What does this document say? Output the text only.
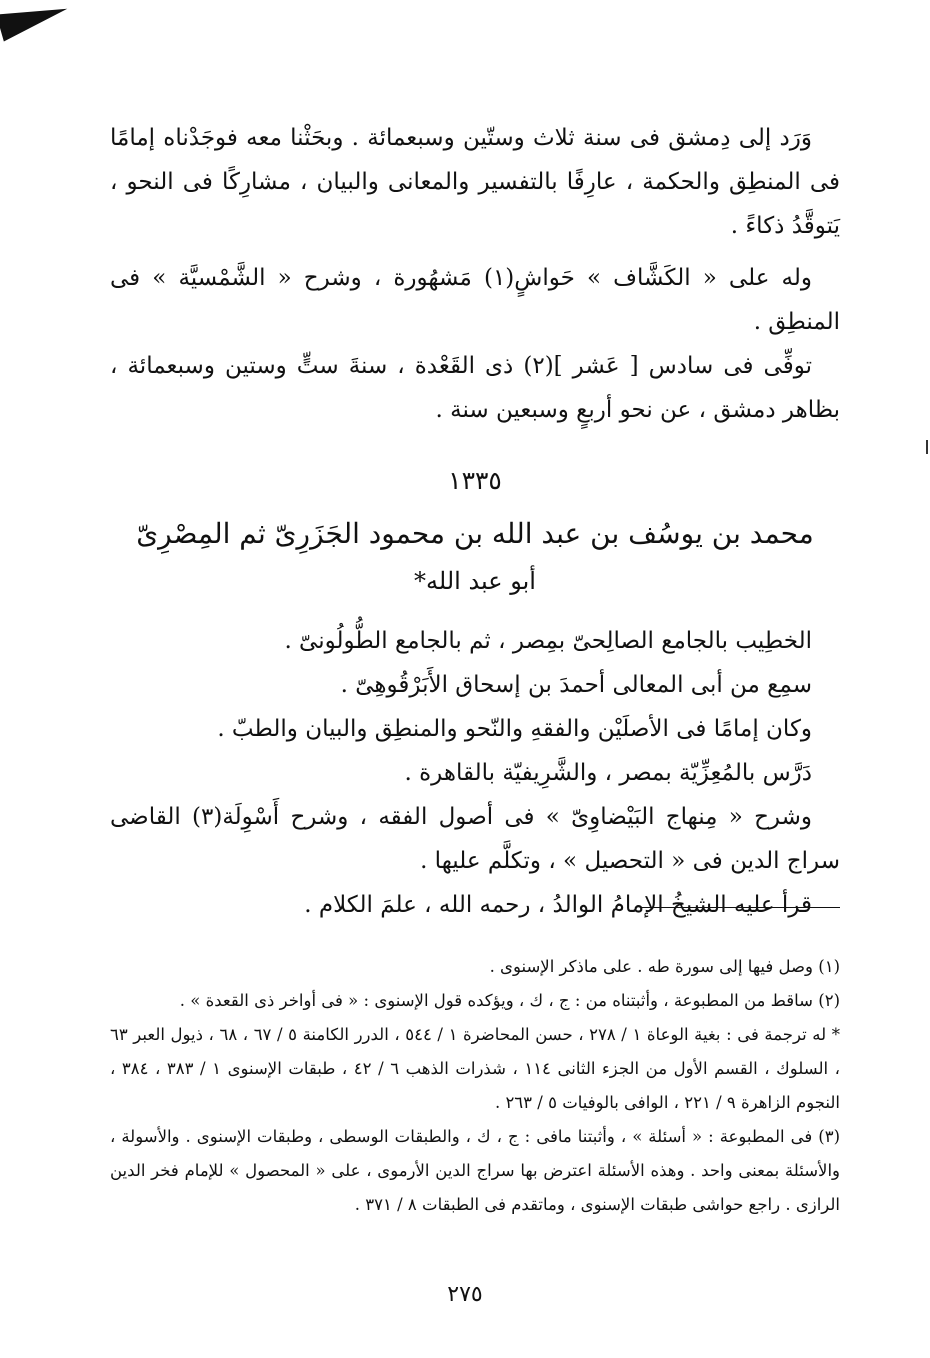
وَرَد إلى دِمشق فى سنة ثلاث وستّين وسبعمائة . وبحَثْنا معه فوجَدْناه إمامًا فى المنطِق والحكمة ، عارِفًا بالتفسير والمعانى والبيان ، مشارِكًا فى النحو ، يَتوقَّدُ ذكاءً .

وله على « الكَشَّاف » حَواشٍ(١) مَشهُورة ، وشرح « الشَّمْسيَّة » فى المنطِق .

توفِّى فى سادس [ عَشر ](٢) ذى القَعْدة ، سنةَ ستٍّ وستين وسبعمائة ، بظاهر دمشق ، عن نحو أربعٍ وسبعين سنة .

١٣٣٥

محمد بن يوسُف بن عبد الله بن محمود الجَزَرِىّ ثم المِصْرِىّ

أبو عبد الله*

الخطِيب بالجامع الصالِحىّ بمِصر ، ثم بالجامع الطُّولُونىّ .

سمِع من أبى المعالى أحمدَ بن إسحاق الأَبَرْقُوهِىّ .

وكان إمامًا فى الأصلَيْن والفقهِ والنّحو والمنطِق والبيان والطبّ .

دَرَّس بالمُعِزِّيّة بمصر ، والشَّرِيفيّة بالقاهرة .

وشرح « مِنهاج البَيْضاوِىّ » فى أصول الفقه ، وشرح أَسْوِلَة(٣) القاضى سراج الدين فى « التحصيل » ، وتكلَّم عليها .

قرأ عليه الشيخُ الإمامُ الوالدُ ، رحمه الله ، علمَ الكلام .

(١) وصل فيها إلى سورة طه . على ماذكر الإسنوى .

(٢) ساقط من المطبوعة ، وأثبتناه من : ج ، ك ، ويؤكده قول الإسنوى : « فى أواخر ذى القعدة » .

* له ترجمة فى : بغية الوعاة ١ / ٢٧٨ ، حسن المحاضرة ١ / ٥٤٤ ، الدرر الكامنة ٥ / ٦٧ ، ٦٨ ، ذيول العبر ٦٣ ، السلوك ، القسم الأول من الجزء الثانى ١١٤ ، شذرات الذهب ٦ / ٤٢ ، طبقات الإسنوى ١ / ٣٨٣ ، ٣٨٤ ، النجوم الزاهرة ٩ / ٢٢١ ، الوافى بالوفيات ٥ / ٢٦٣ .

(٣) فى المطبوعة : « أسئلة » ، وأثبتنا مافى : ج ، ك ، والطبقات الوسطى ، وطبقات الإسنوى . والأسولة ، والأسئلة بمعنى واحد . وهذه الأسئلة اعترض بها سراج الدين الأرموى ، على « المحصول » للإمام فخر الدين الرازى . راجع حواشى طبقات الإسنوى ، وماتقدم فى الطبقات ٨ / ٣٧١ .

٢٧٥
